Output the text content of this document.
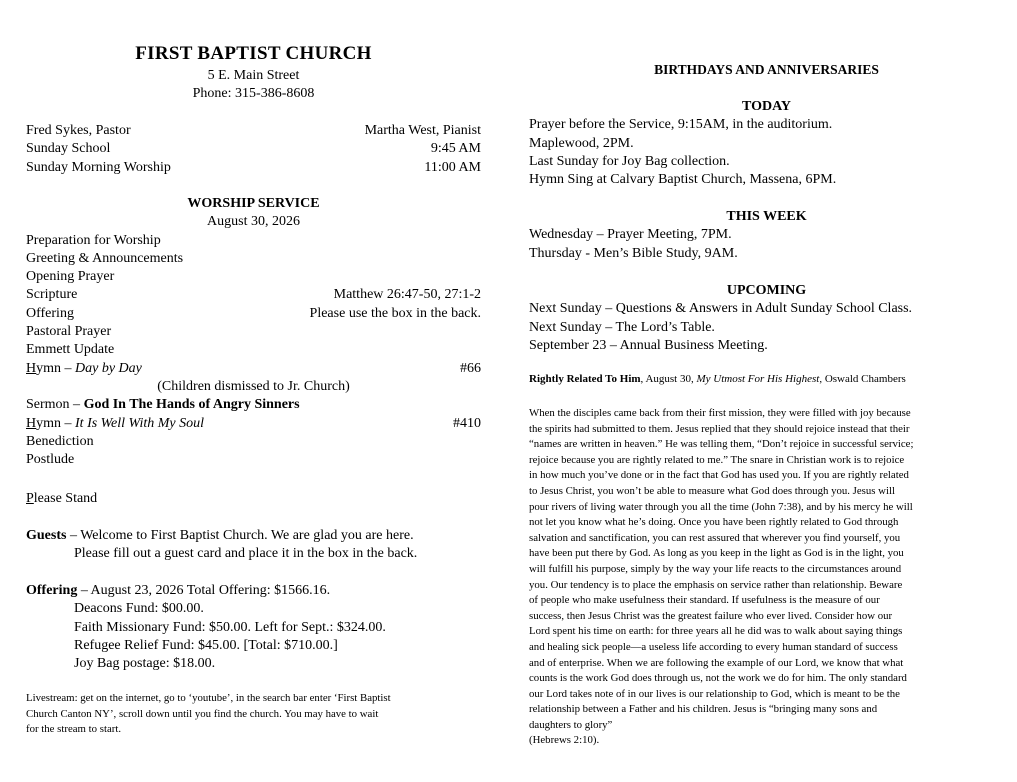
FIRST BAPTIST CHURCH
5 E. Main Street
Phone: 315-386-8608
Fred Sykes, Pastor	Martha West, Pianist
Sunday School	9:45 AM
Sunday Morning Worship	11:00 AM
WORSHIP SERVICE
August 30, 2026
Preparation for Worship
Greeting & Announcements
Opening Prayer
Scripture	Matthew 26:47-50, 27:1-2
Offering	Please use the box in the back.
Pastoral Prayer
Emmett Update
Hymn – Day by Day	#66
(Children dismissed to Jr. Church)
Sermon – God In The Hands of Angry Sinners
Hymn – It Is Well With My Soul	#410
Benediction
Postlude
Please Stand
Guests – Welcome to First Baptist Church. We are glad you are here.
Please fill out a guest card and place it in the box in the back.
Offering – August 23, 2026 Total Offering: $1566.16.
Deacons Fund: $00.00.
Faith Missionary Fund: $50.00. Left for Sept.: $324.00.
Refugee Relief Fund: $45.00. [Total: $710.00.]
Joy Bag postage: $18.00.
Livestream: get on the internet, go to ‘youtube’, in the search bar enter ‘First Baptist
Church Canton NY’, scroll down until you find the church. You may have to wait
for the stream to start.
BIRTHDAYS AND ANNIVERSARIES
TODAY
Prayer before the Service, 9:15AM, in the auditorium.
Maplewood, 2PM.
Last Sunday for Joy Bag collection.
Hymn Sing at Calvary Baptist Church, Massena, 6PM.
THIS WEEK
Wednesday – Prayer Meeting, 7PM.
Thursday - Men’s Bible Study, 9AM.
UPCOMING
Next Sunday – Questions & Answers in Adult Sunday School Class.
Next Sunday – The Lord’s Table.
September 23 – Annual Business Meeting.
Rightly Related To Him, August 30, My Utmost For His Highest, Oswald Chambers
When the disciples came back from their first mission, they were filled with joy because
the spirits had submitted to them. Jesus replied that they should rejoice instead that their
“names are written in heaven.” He was telling them, “Don’t rejoice in successful service;
rejoice because you are rightly related to me.” The snare in Christian work is to rejoice
in how much you’ve done or in the fact that God has used you. If you are rightly related
to Jesus Christ, you won’t be able to measure what God does through you. Jesus will
pour rivers of living water through you all the time (John 7:38), and by his mercy he will
not let you know what he’s doing. Once you have been rightly related to God through
salvation and sanctification, you can rest assured that wherever you find yourself, you
have been put there by God. As long as you keep in the light as God is in the light, you
will fulfill his purpose, simply by the way your life reacts to the circumstances around
you. Our tendency is to place the emphasis on service rather than relationship. Beware
of people who make usefulness their standard. If usefulness is the measure of our
success, then Jesus Christ was the greatest failure who ever lived. Consider how our
Lord spent his time on earth: for three years all he did was to walk about saying things
and healing sick people—a useless life according to every human standard of success
and of enterprise. When we are following the example of our Lord, we know that what
counts is the work God does through us, not the work we do for him. The only standard
our Lord takes note of in our lives is our relationship to God, which is meant to be the
relationship between a Father and his children. Jesus is “bringing many sons and
daughters to glory”
(Hebrews 2:10).
